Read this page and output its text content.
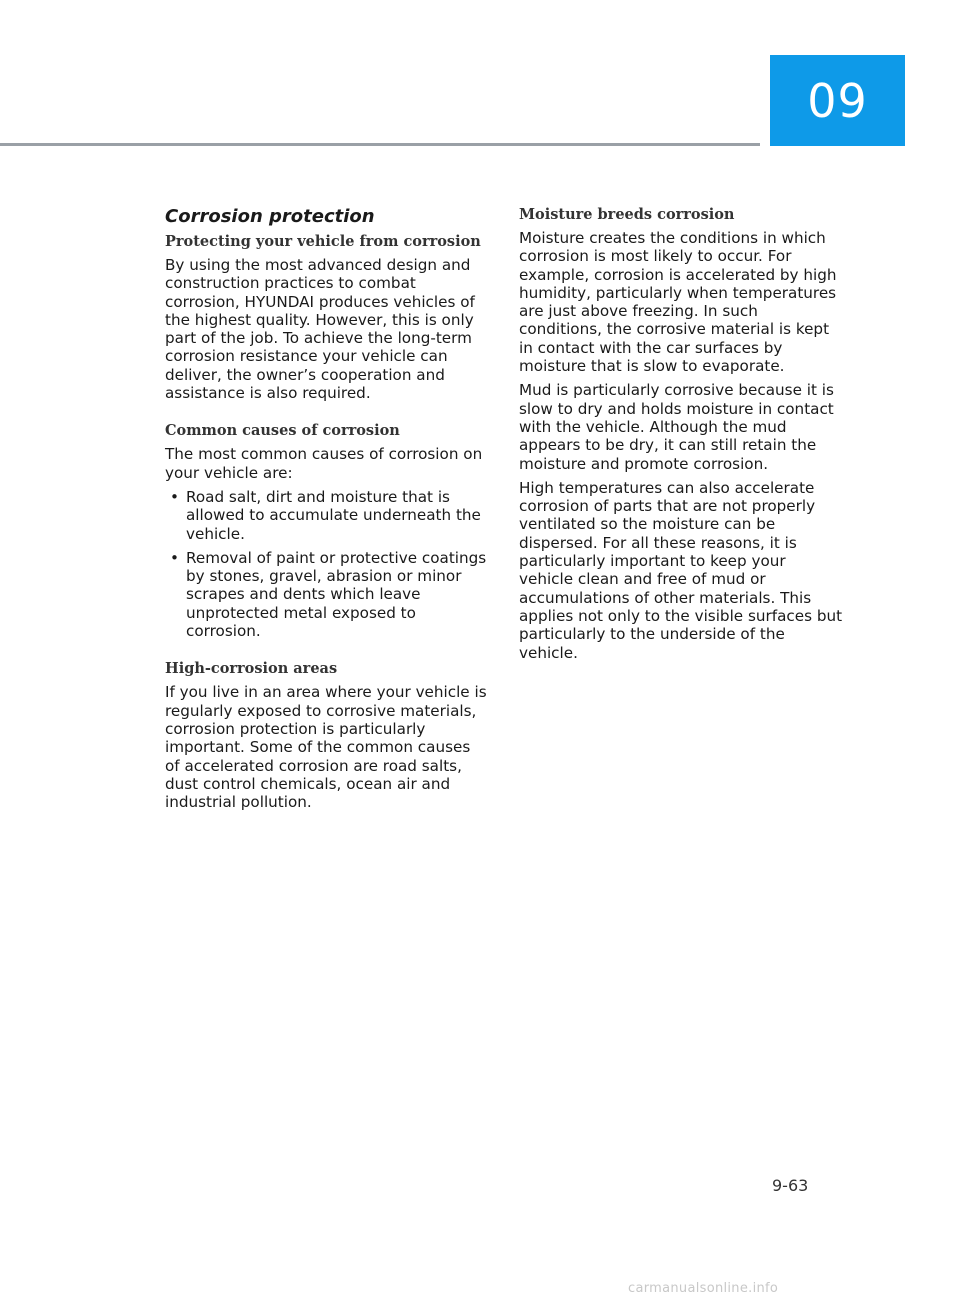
09
Corrosion protection
Protecting your vehicle from corrosion

By using the most advanced design and construction practices to combat corrosion, HYUNDAI produces vehicles of the highest quality. However, this is only part of the job. To achieve the long-term corrosion resistance your vehicle can deliver, the owner’s cooperation and assistance is also required.

Common causes of corrosion

The most common causes of corrosion on your vehicle are:

• Road salt, dirt and moisture that is allowed to accumulate underneath the vehicle.
• Removal of paint or protective coatings by stones, gravel, abrasion or minor scrapes and dents which leave unprotected metal exposed to corrosion.
High-corrosion areas

If you live in an area where your vehicle is regularly exposed to corrosive materials, corrosion protection is particularly important. Some of the common causes of accelerated corrosion are road salts, dust control chemicals, ocean air and industrial pollution.

Moisture breeds corrosion

Moisture creates the conditions in which corrosion is most likely to occur. For example, corrosion is accelerated by high humidity, particularly when temperatures are just above freezing. In such conditions, the corrosive material is kept in contact with the car surfaces by moisture that is slow to evaporate.

Mud is particularly corrosive because it is slow to dry and holds moisture in contact with the vehicle. Although the mud appears to be dry, it can still retain the moisture and promote corrosion.

High temperatures can also accelerate corrosion of parts that are not properly ventilated so the moisture can be dispersed. For all these reasons, it is particularly important to keep your vehicle clean and free of mud or accumulations of other materials. This applies not only to the visible surfaces but particularly to the underside of the vehicle.

9-63
carmanualsonline.info
